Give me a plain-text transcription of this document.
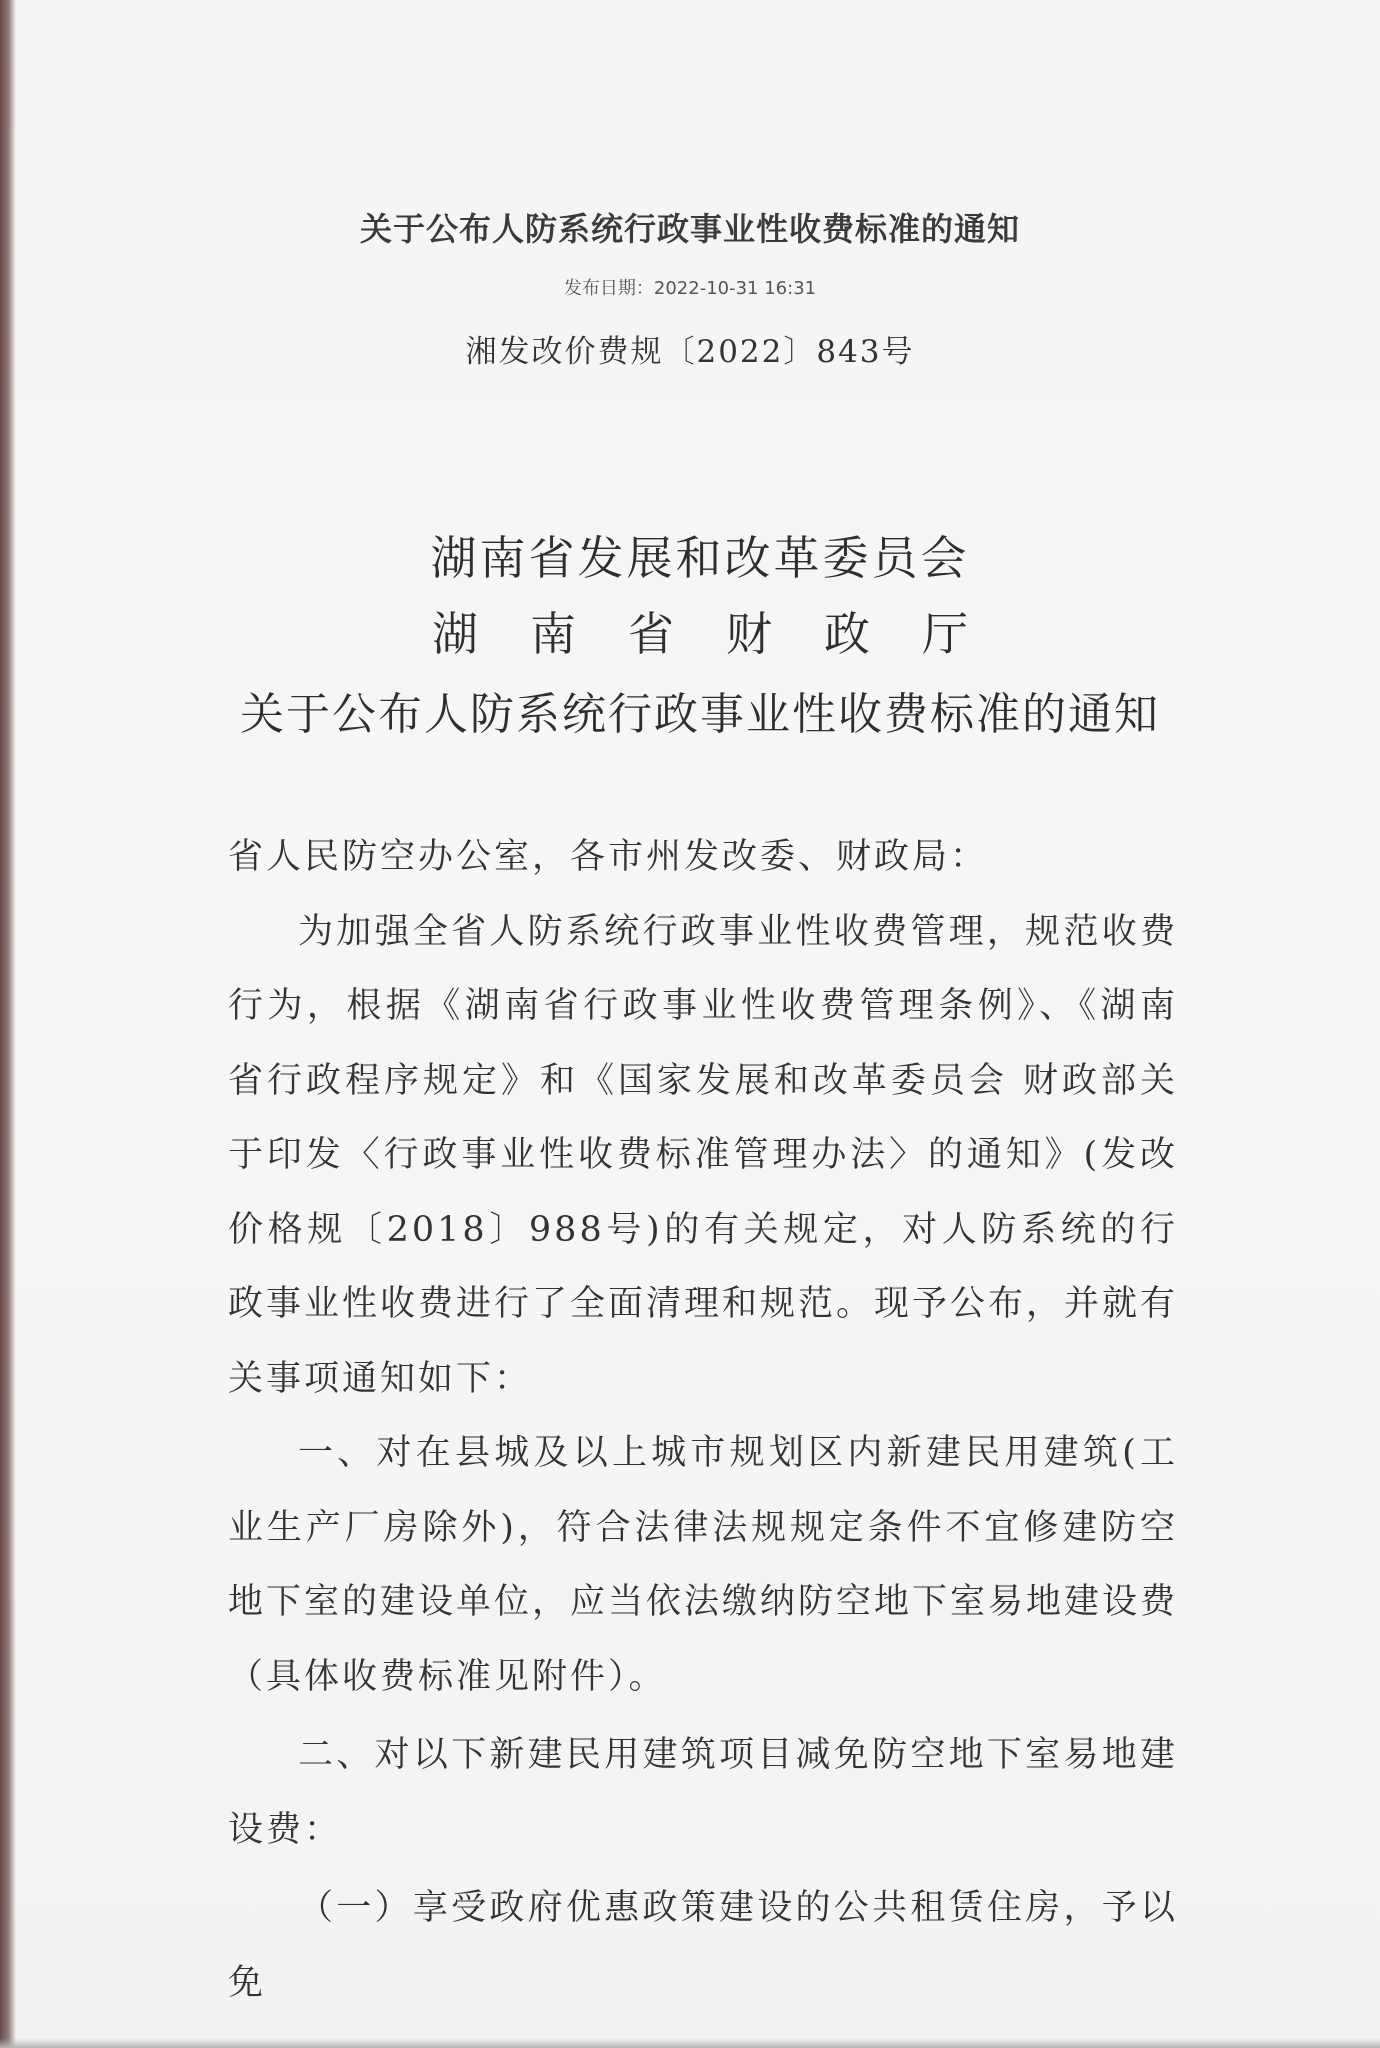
关于公布人防系统行政事业性收费标准的通知
发布日期：2022-10-31 16:31
湘发改价费规〔2022〕843号
湖南省发展和改革委员会
湖南省财政厅
关于公布人防系统行政事业性收费标准的通知

省人民防空办公室，各市州发改委、财政局：

为加强全省人防系统行政事业性收费管理，规范收费行为，根据《湖南省行政事业性收费管理条例》、《湖南省行政程序规定》和《国家发展和改革委员会 财政部关于印发〈行政事业性收费标准管理办法〉的通知》(发改价格规〔2018〕988号)的有关规定，对人防系统的行政事业性收费进行了全面清理和规范。现予公布，并就有关事项通知如下：

一、对在县城及以上城市规划区内新建民用建筑(工业生产厂房除外)，符合法律法规规定条件不宜修建防空地下室的建设单位，应当依法缴纳防空地下室易地建设费（具体收费标准见附件）。

二、对以下新建民用建筑项目减免防空地下室易地建设费：

（一）享受政府优惠政策建设的公共租赁住房，予以免
